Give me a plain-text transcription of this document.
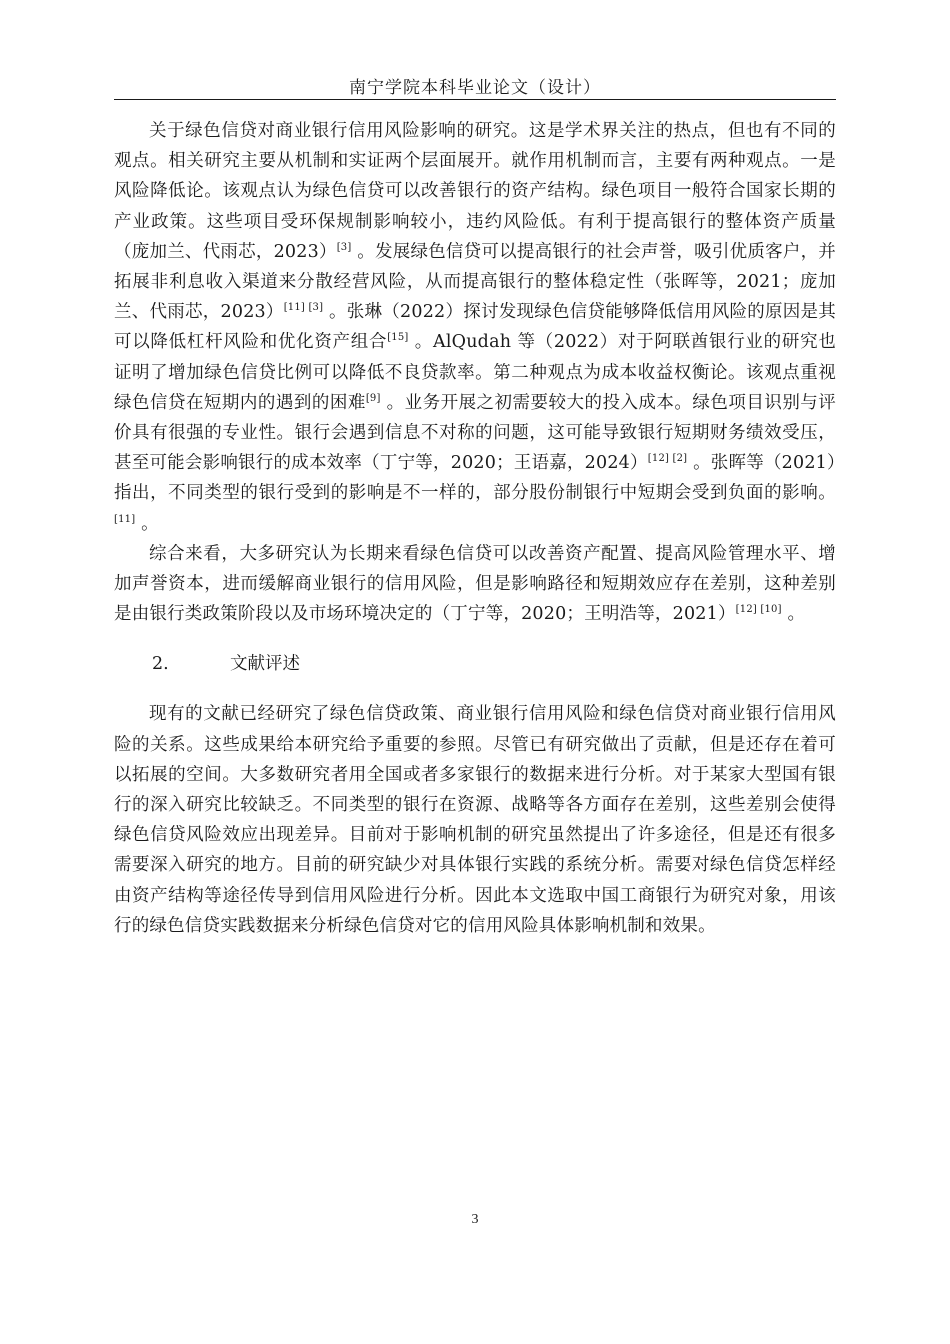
南宁学院本科毕业论文（设计）

关于绿色信贷对商业银行信用风险影响的研究。这是学术界关注的热点，但也有不同的观点。相关研究主要从机制和实证两个层面展开。就作用机制而言，主要有两种观点。一是风险降低论。该观点认为绿色信贷可以改善银行的资产结构。绿色项目一般符合国家长期的产业政策。这些项目受环保规制影响较小，违约风险低。有利于提高银行的整体资产质量（庞加兰、代雨芯，2023）[3] 。发展绿色信贷可以提高银行的社会声誉，吸引优质客户，并拓展非利息收入渠道来分散经营风险，从而提高银行的整体稳定性（张晖等，2021；庞加兰、代雨芯，2023）[11] [3] 。张琳（2022）探讨发现绿色信贷能够降低信用风险的原因是其可以降低杠杆风险和优化资产组合[15] 。AlQudah 等（2022）对于阿联酋银行业的研究也证明了增加绿色信贷比例可以降低不良贷款率。第二种观点为成本收益权衡论。该观点重视绿色信贷在短期内的遇到的困难[9] 。业务开展之初需要较大的投入成本。绿色项目识别与评价具有很强的专业性。银行会遇到信息不对称的问题，这可能导致银行短期财务绩效受压，甚至可能会影响银行的成本效率（丁宁等，2020；王语嘉，2024）[12] [2] 。张晖等（2021）指出，不同类型的银行受到的影响是不一样的，部分股份制银行中短期会受到负面的影响。[11] 。

综合来看，大多研究认为长期来看绿色信贷可以改善资产配置、提高风险管理水平、增加声誉资本，进而缓解商业银行的信用风险，但是影响路径和短期效应存在差别，这种差别是由银行类政策阶段以及市场环境决定的（丁宁等，2020；王明浩等，2021）[12] [10] 。

2.	文献评述

现有的文献已经研究了绿色信贷政策、商业银行信用风险和绿色信贷对商业银行信用风险的关系。这些成果给本研究给予重要的参照。尽管已有研究做出了贡献，但是还存在着可以拓展的空间。大多数研究者用全国或者多家银行的数据来进行分析。对于某家大型国有银行的深入研究比较缺乏。不同类型的银行在资源、战略等各方面存在差别，这些差别会使得绿色信贷风险效应出现差异。目前对于影响机制的研究虽然提出了许多途径，但是还有很多需要深入研究的地方。目前的研究缺少对具体银行实践的系统分析。需要对绿色信贷怎样经由资产结构等途径传导到信用风险进行分析。因此本文选取中国工商银行为研究对象，用该行的绿色信贷实践数据来分析绿色信贷对它的信用风险具体影响机制和效果。

3
